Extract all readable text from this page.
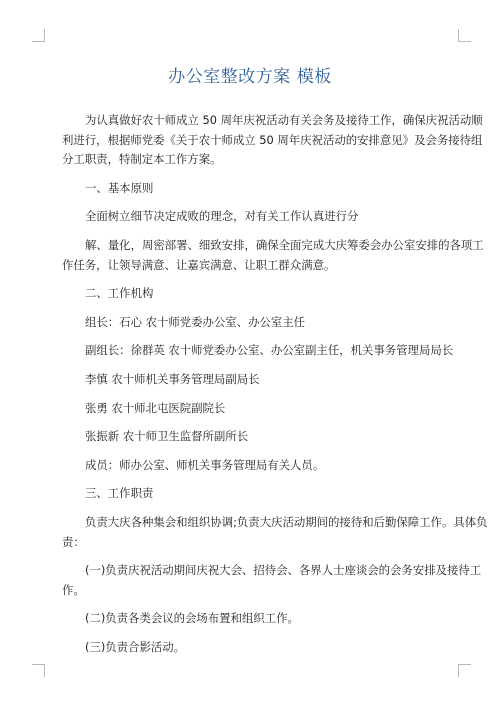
办公室整改方案 模板
为认真做好农十师成立 50 周年庆祝活动有关会务及接待工作，确保庆祝活动顺
利进行，根据师党委《关于农十师成立 50 周年庆祝活动的安排意见》及会务接待组
分工职责，特制定本工作方案。
一、基本原则
全面树立细节决定成败的理念，对有关工作认真进行分
解、量化，周密部署、细致安排，确保全面完成大庆筹委会办公室安排的各项工
作任务，让领导满意、让嘉宾满意、让职工群众满意。
二、工作机构
组长：石心 农十师党委办公室、办公室主任
副组长：徐群英 农十师党委办公室、办公室副主任，机关事务管理局局长
李慎 农十师机关事务管理局副局长
张勇 农十师北屯医院副院长
张振新 农十师卫生监督所副所长
成员：师办公室、师机关事务管理局有关人员。
三、工作职责
负责大庆各种集会和组织协调;负责大庆活动期间的接待和后勤保障工作。具体负
责：
(一)负责庆祝活动期间庆祝大会、招待会、各界人士座谈会的会务安排及接待工
作。
(二)负责各类会议的会场布置和组织工作。
(三)负责合影活动。
